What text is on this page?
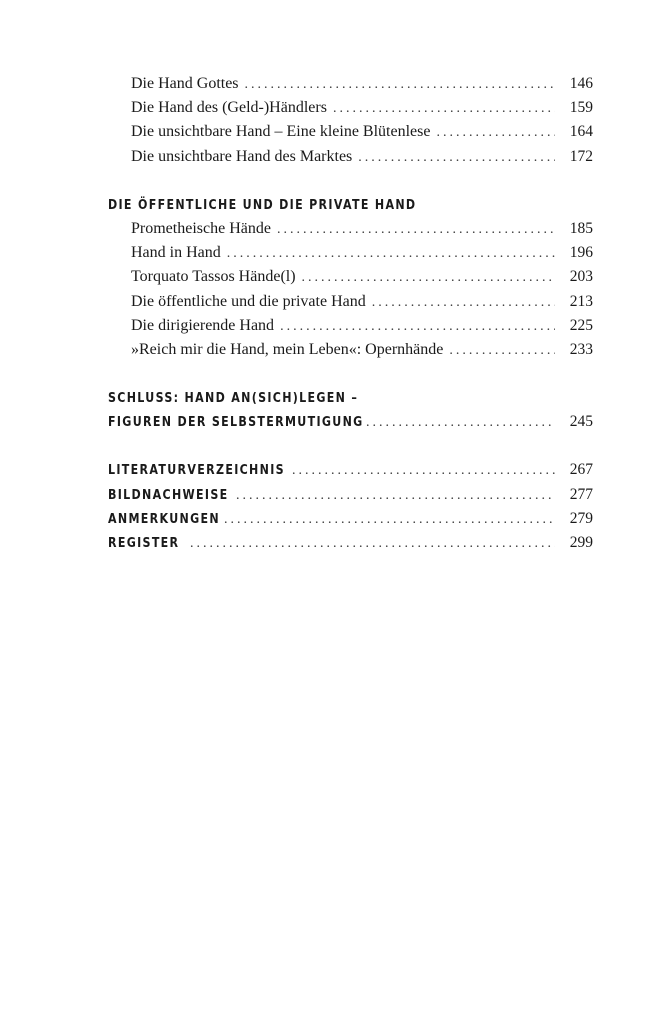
Die Hand Gottes . . .	146
Die Hand des (Geld-)Händlers . . .	159
Die unsichtbare Hand – Eine kleine Blütenlese . . .	164
Die unsichtbare Hand des Marktes . . .	172
DIE ÖFFENTLICHE UND DIE PRIVATE HAND
Prometheische Hände . . .	185
Hand in Hand . . .	196
Torquato Tassos Hände(l) . . .	203
Die öffentliche und die private Hand . . .	213
Die dirigierende Hand . . .	225
»Reich mir die Hand, mein Leben«: Opernhände . . .	233
SCHLUSS: HAND AN(SICH)LEGEN –
FIGUREN DER SELBSTERMUTIGUNG . . .	245
LITERATURVERZEICHNIS . . .	267
BILDNACHWEISE . . .	277
ANMERKUNGEN . . .	279
REGISTER . . .	299
